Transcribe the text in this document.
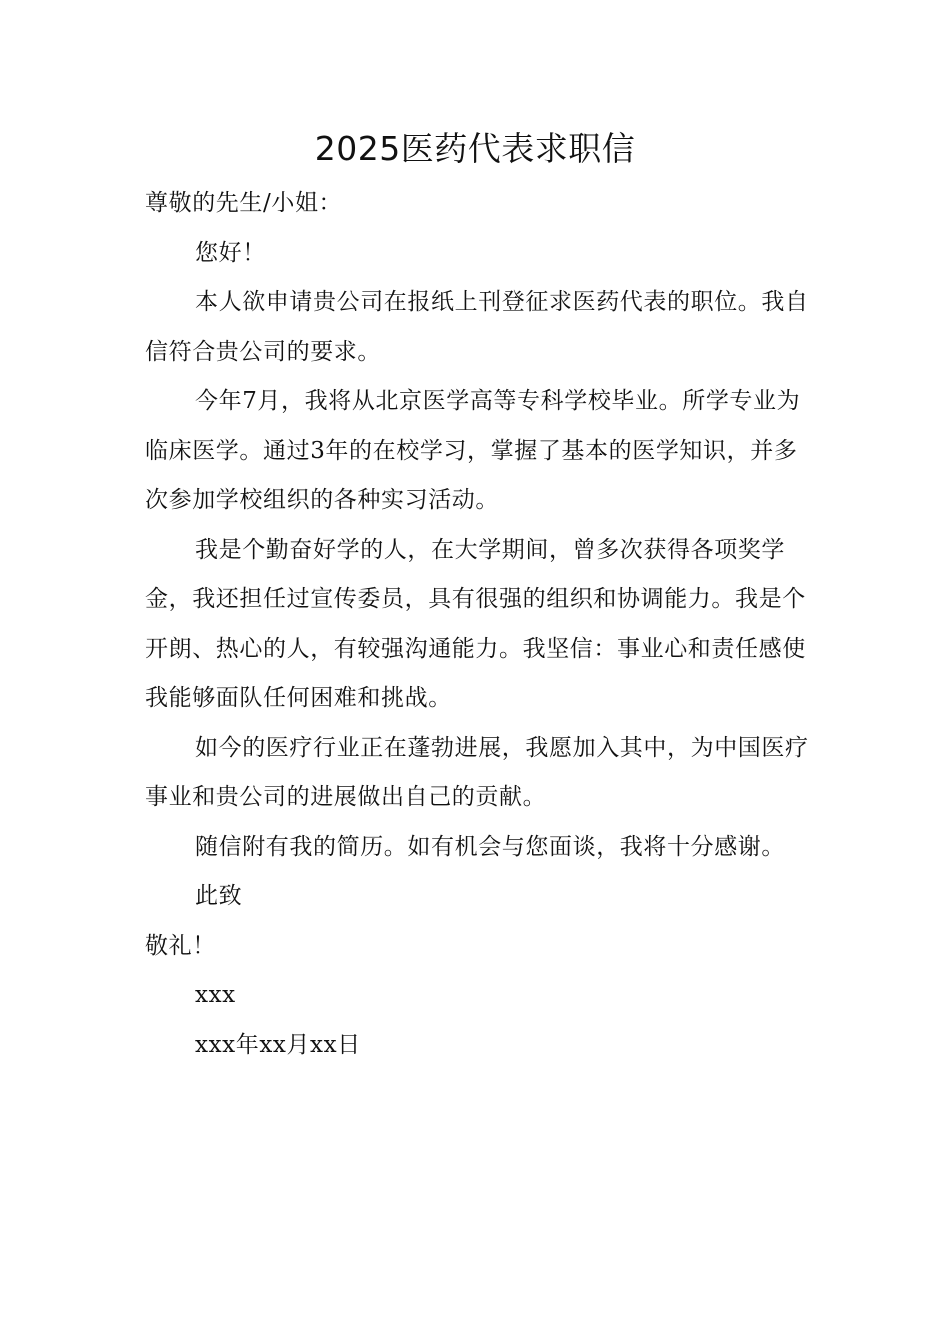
2025医药代表求职信

尊敬的先生/小姐：

您好！

本人欲申请贵公司在报纸上刊登征求医药代表的职位。我自信符合贵公司的要求。

今年7月，我将从北京医学高等专科学校毕业。所学专业为临床医学。通过3年的在校学习，掌握了基本的医学知识，并多次参加学校组织的各种实习活动。

我是个勤奋好学的人，在大学期间，曾多次获得各项奖学金，我还担任过宣传委员，具有很强的组织和协调能力。我是个开朗、热心的人，有较强沟通能力。我坚信：事业心和责任感使我能够面队任何困难和挑战。

如今的医疗行业正在蓬勃进展，我愿加入其中，为中国医疗事业和贵公司的进展做出自己的贡献。

随信附有我的简历。如有机会与您面谈，我将十分感谢。

此致

敬礼！

xxx

xxx年xx月xx日
